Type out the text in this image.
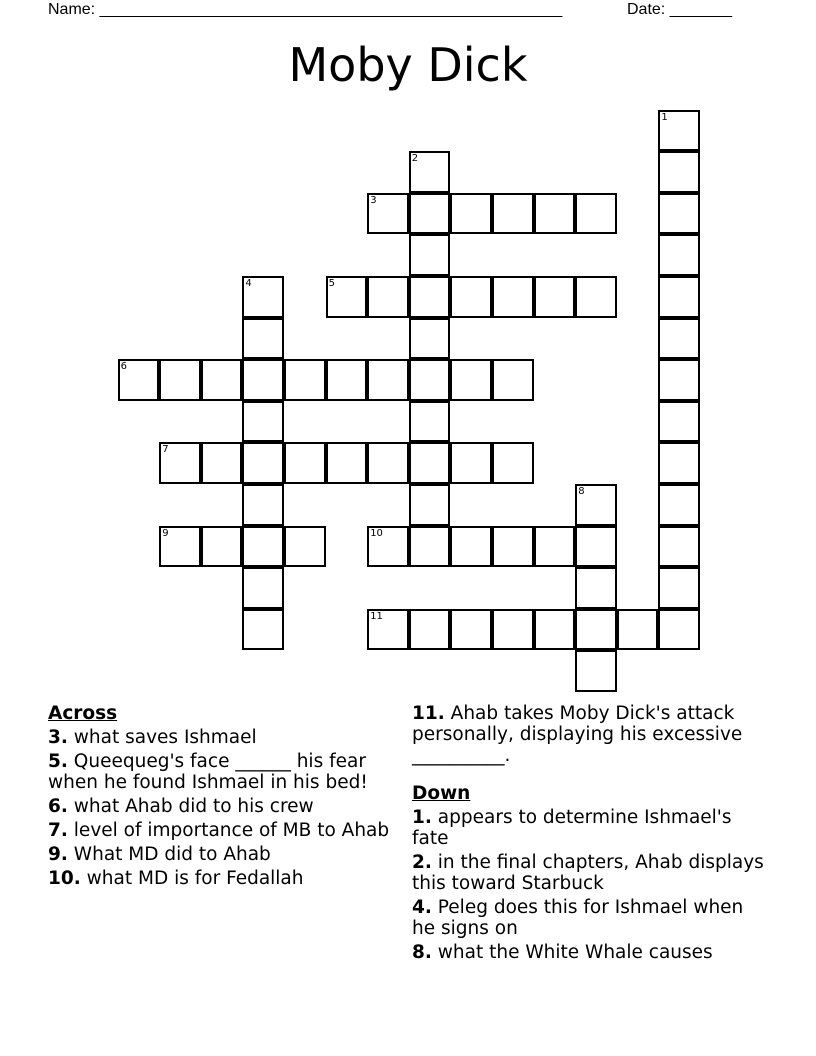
Name: ____________________________________________________	Date: _______
Moby Dick
1
2
3
4	5
6
7
8
9	10
11
Across
3. what saves Ishmael
5. Queequeg's face ______ his fear when he found Ishmael in his bed!
6. what Ahab did to his crew
7. level of importance of MB to Ahab
9. What MD did to Ahab
10. what MD is for Fedallah
11. Ahab takes Moby Dick's attack personally, displaying his excessive __________.
Down
1. appears to determine Ishmael's fate
2. in the final chapters, Ahab displays this toward Starbuck
4. Peleg does this for Ishmael when he signs on
8. what the White Whale causes
